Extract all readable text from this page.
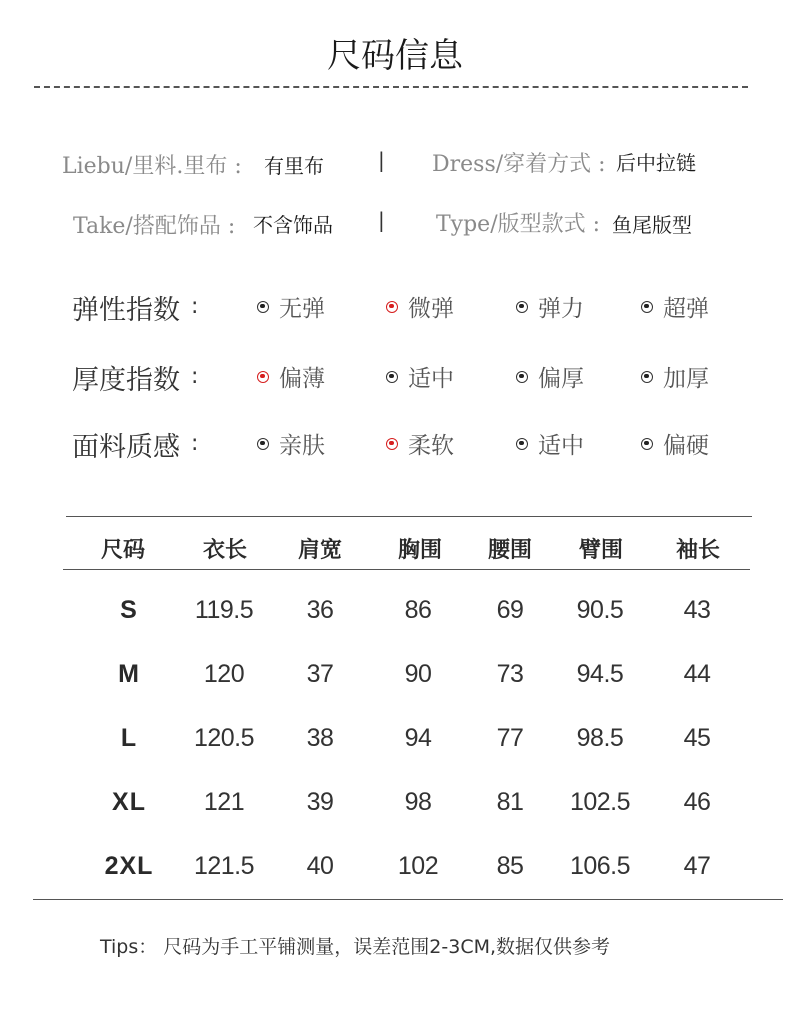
尺码信息
Liebu/里料.里布 : 有里布	| Dress/穿着方式 : 后中拉链
Take/搭配饰品 : 不含饰品 | Type/版型款式 : 鱼尾版型
弹性指数 :	无弹	微弹	弹力	超弹
厚度指数 :	偏薄	适中	偏厚	加厚
面料质感 :	亲肤	柔软	适中	偏硬
尺码	衣长	肩宽	胸围	腰围	臂围	袖长
S	119.5	36	86	69	90.5	43
M	120	37	90	73	94.5	44
L	120.5	38	94	77	98.5	45
XL	121	39	98	81	102.5	46
2XL	121.5	40	102	85	106.5	47
Tips： 尺码为手工平铺测量，误差范围2-3CM,数据仅供参考
